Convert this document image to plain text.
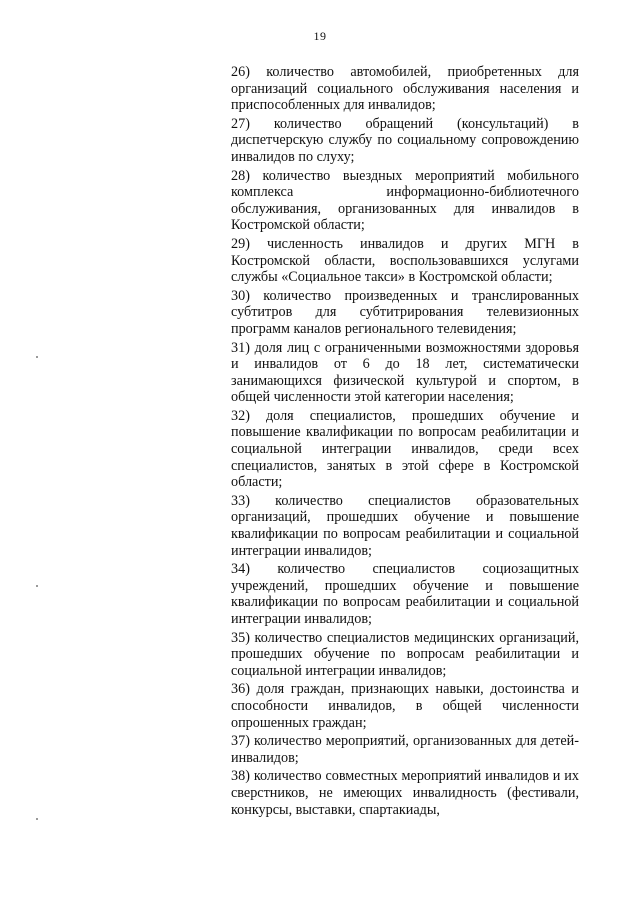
19

26) количество автомобилей, приобретенных для организаций социального обслуживания населения и приспособленных для инвалидов;

27) количество обращений (консультаций) в диспетчерскую службу по социальному сопровождению инвалидов по слуху;

28) количество выездных мероприятий мобильного комплекса информационно-библиотечного обслуживания, организованных для инвалидов в Костромской области;

29) численность инвалидов и других МГН в Костромской области, воспользовавшихся услугами службы «Социальное такси» в Костромской области;

30) количество произведенных и транслированных субтитров для субтитрирования телевизионных программ каналов регионального телевидения;

31) доля лиц с ограниченными возможностями здоровья и инвалидов от 6 до 18 лет, систематически занимающихся физической культурой и спортом, в общей численности этой категории населения;

32) доля специалистов, прошедших обучение и повышение квалификации по вопросам реабилитации и социальной интеграции инвалидов, среди всех специалистов, занятых в этой сфере в Костромской области;

33) количество специалистов образовательных организаций, прошедших обучение и повышение квалификации по вопросам реабилитации и социальной интеграции инвалидов;

34) количество специалистов социозащитных учреждений, прошедших обучение и повышение квалификации по вопросам реабилитации и социальной интеграции инвалидов;

35) количество специалистов медицинских организаций, прошедших обучение по вопросам реабилитации и социальной интеграции инвалидов;

36) доля граждан, признающих навыки, достоинства и способности инвалидов, в общей численности опрошенных граждан;

37) количество мероприятий, организованных для детей-инвалидов;

38) количество совместных мероприятий инвалидов и их сверстников, не имеющих инвалидность (фестивали, конкурсы, выставки, спартакиады,
